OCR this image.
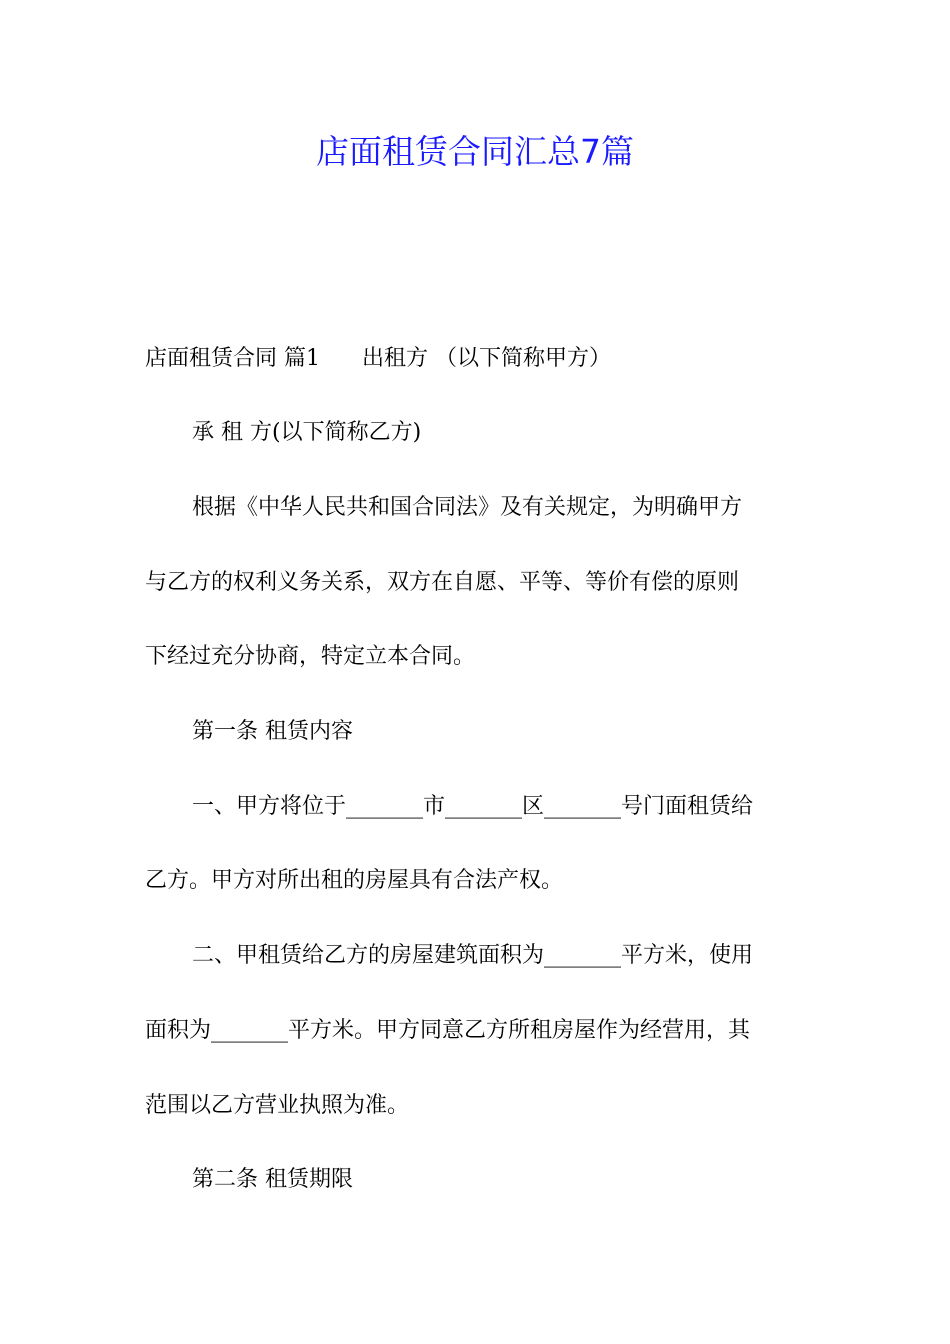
店面租赁合同汇总7篇
店面租赁合同 篇1 出租方 （以下简称甲方）
承 租 方(以下简称乙方)
根据《中华人民共和国合同法》及有关规定，为明确甲方
与乙方的权利义务关系，双方在自愿、平等、等价有偿的原则
下经过充分协商，特定立本合同。
第一条 租赁内容
一、甲方将位于_______市_______区_______号门面租赁给
乙方。甲方对所出租的房屋具有合法产权。
二、甲租赁给乙方的房屋建筑面积为_______平方米，使用
面积为_______平方米。甲方同意乙方所租房屋作为经营用，其
范围以乙方营业执照为准。
第二条 租赁期限
